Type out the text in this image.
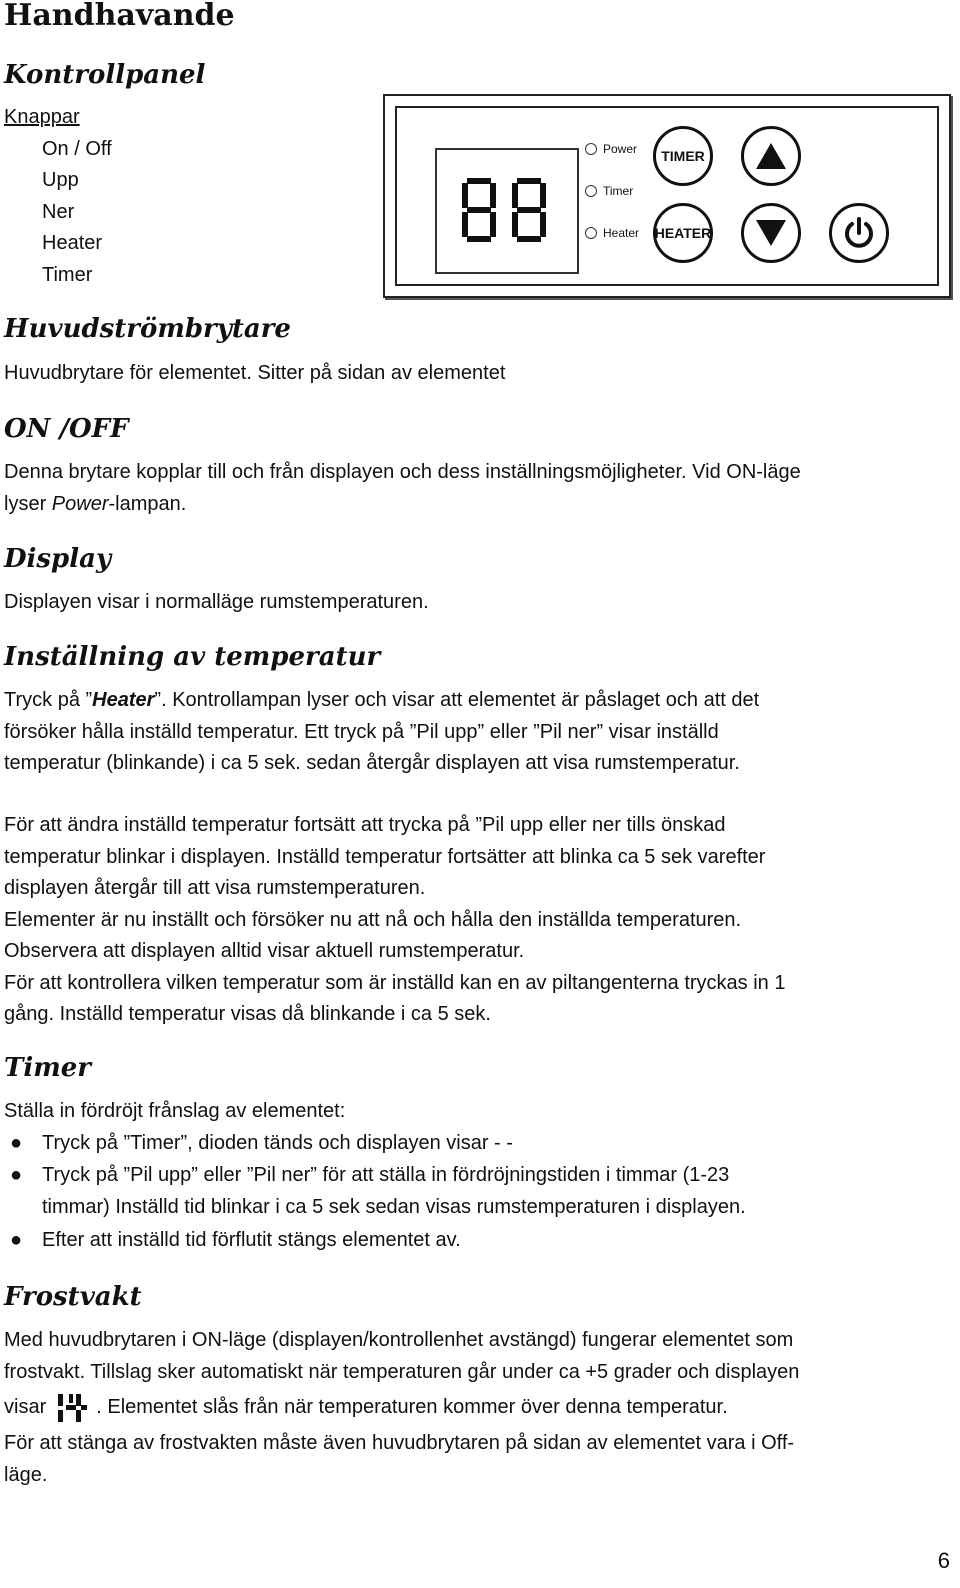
Handhavande
Kontrollpanel
Knappar
On / Off
Upp
Ner
Heater
Timer
Power
Timer
Heater
TIMER
HEATER
Huvudströmbrytare
Huvudbrytare för elementet. Sitter på sidan av elementet
ON /OFF
Denna brytare kopplar till och från displayen och dess inställningsmöjligheter. Vid ON-läge
lyser Power-lampan.
Display
Displayen visar i normalläge rumstemperaturen.
Inställning av temperatur
Tryck på ”Heater”. Kontrollampan lyser och visar att elementet är påslaget och att det
försöker hålla inställd temperatur. Ett tryck på ”Pil upp” eller ”Pil ner” visar inställd
temperatur (blinkande) i ca 5 sek. sedan återgår displayen att visa rumstemperatur.
För att ändra inställd temperatur fortsätt att trycka på ”Pil upp eller ner tills önskad
temperatur blinkar i displayen. Inställd temperatur fortsätter att blinka ca 5 sek varefter
displayen återgår till att visa rumstemperaturen.
Elementer är nu inställt och försöker nu att nå och hålla den inställda temperaturen.
Observera att displayen alltid visar aktuell rumstemperatur.
För att kontrollera vilken temperatur som är inställd kan en av piltangenterna tryckas in 1
gång. Inställd temperatur visas då blinkande i ca 5 sek.
Timer
Ställa in fördröjt frånslag av elementet:
● Tryck på ”Timer”, dioden tänds och displayen visar - -
● Tryck på ”Pil upp” eller ”Pil ner” för att ställa in fördröjningstiden i timmar (1-23
timmar) Inställd tid blinkar i ca 5 sek sedan visas rumstemperaturen i displayen.
● Efter att inställd tid förflutit stängs elementet av.
Frostvakt
Med huvudbrytaren i ON-läge (displayen/kontrollenhet avstängd) fungerar elementet som
frostvakt. Tillslag sker automatiskt när temperaturen går under ca +5 grader och displayen
visar	. Elementet slås från när temperaturen kommer över denna temperatur.
För att stänga av frostvakten måste även huvudbrytaren på sidan av elementet vara i Off-
läge.
6
